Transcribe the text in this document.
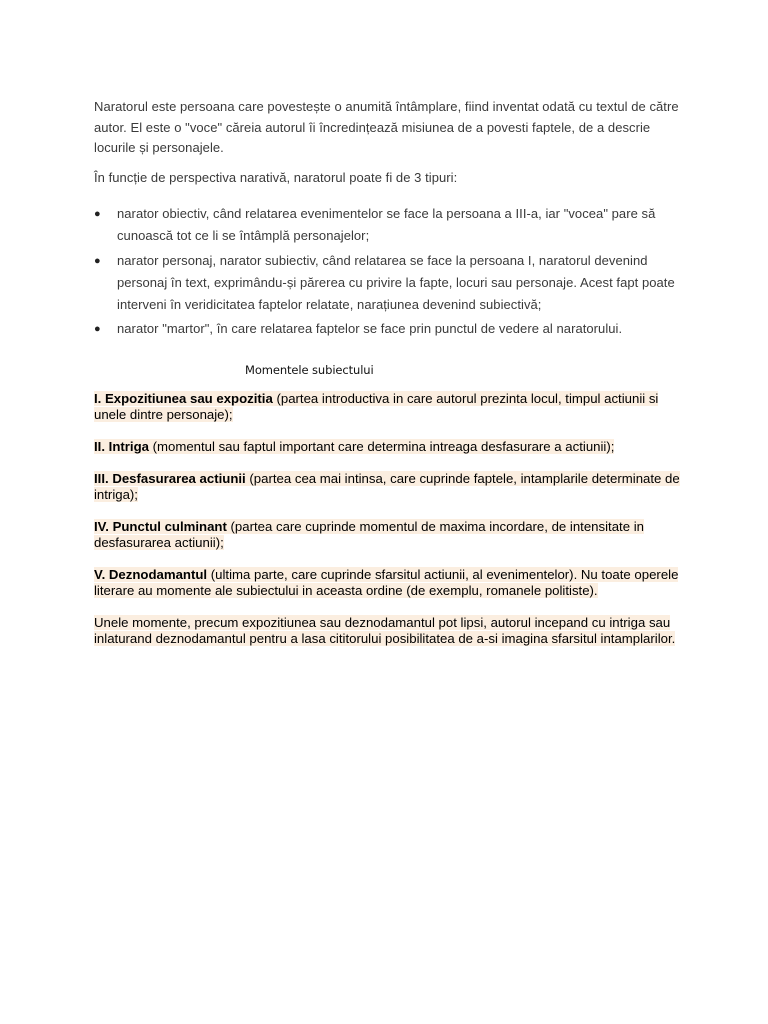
Naratorul este persoana care povestește o anumită întâmplare, fiind inventat odată cu textul de către autor. El este o "voce" căreia autorul îi încredințează misiunea de a povesti faptele, de a descrie locurile și personajele.

În funcție de perspectiva narativă, naratorul poate fi de 3 tipuri:

● narator obiectiv, când relatarea evenimentelor se face la persoana a III-a, iar "vocea" pare să cunoască tot ce li se întâmplă personajelor;
● narator personaj, narator subiectiv, când relatarea se face la persoana I, naratorul devenind personaj în text, exprimându-și părerea cu privire la fapte, locuri sau personaje. Acest fapt poate interveni în veridicitatea faptelor relatate, narațiunea devenind subiectivă;
● narator "martor", în care relatarea faptelor se face prin punctul de vedere al naratorului.
Momentele subiectului

I. Expozitiunea sau expozitia (partea introductiva in care autorul prezinta locul, timpul actiunii si unele dintre personaje);

II. Intriga (momentul sau faptul important care determina intreaga desfasurare a actiunii);

III. Desfasurarea actiunii (partea cea mai intinsa, care cuprinde faptele, intamplarile determinate de intriga);

IV. Punctul culminant (partea care cuprinde momentul de maxima incordare, de intensitate in desfasurarea actiunii);

V. Deznodamantul (ultima parte, care cuprinde sfarsitul actiunii, al evenimentelor). Nu toate operele literare au momente ale subiectului in aceasta ordine (de exemplu, romanele politiste).

Unele momente, precum expozitiunea sau deznodamantul pot lipsi, autorul incepand cu intriga sau inlaturand deznodamantul pentru a lasa cititorului posibilitatea de a-si imagina sfarsitul intamplarilor.
